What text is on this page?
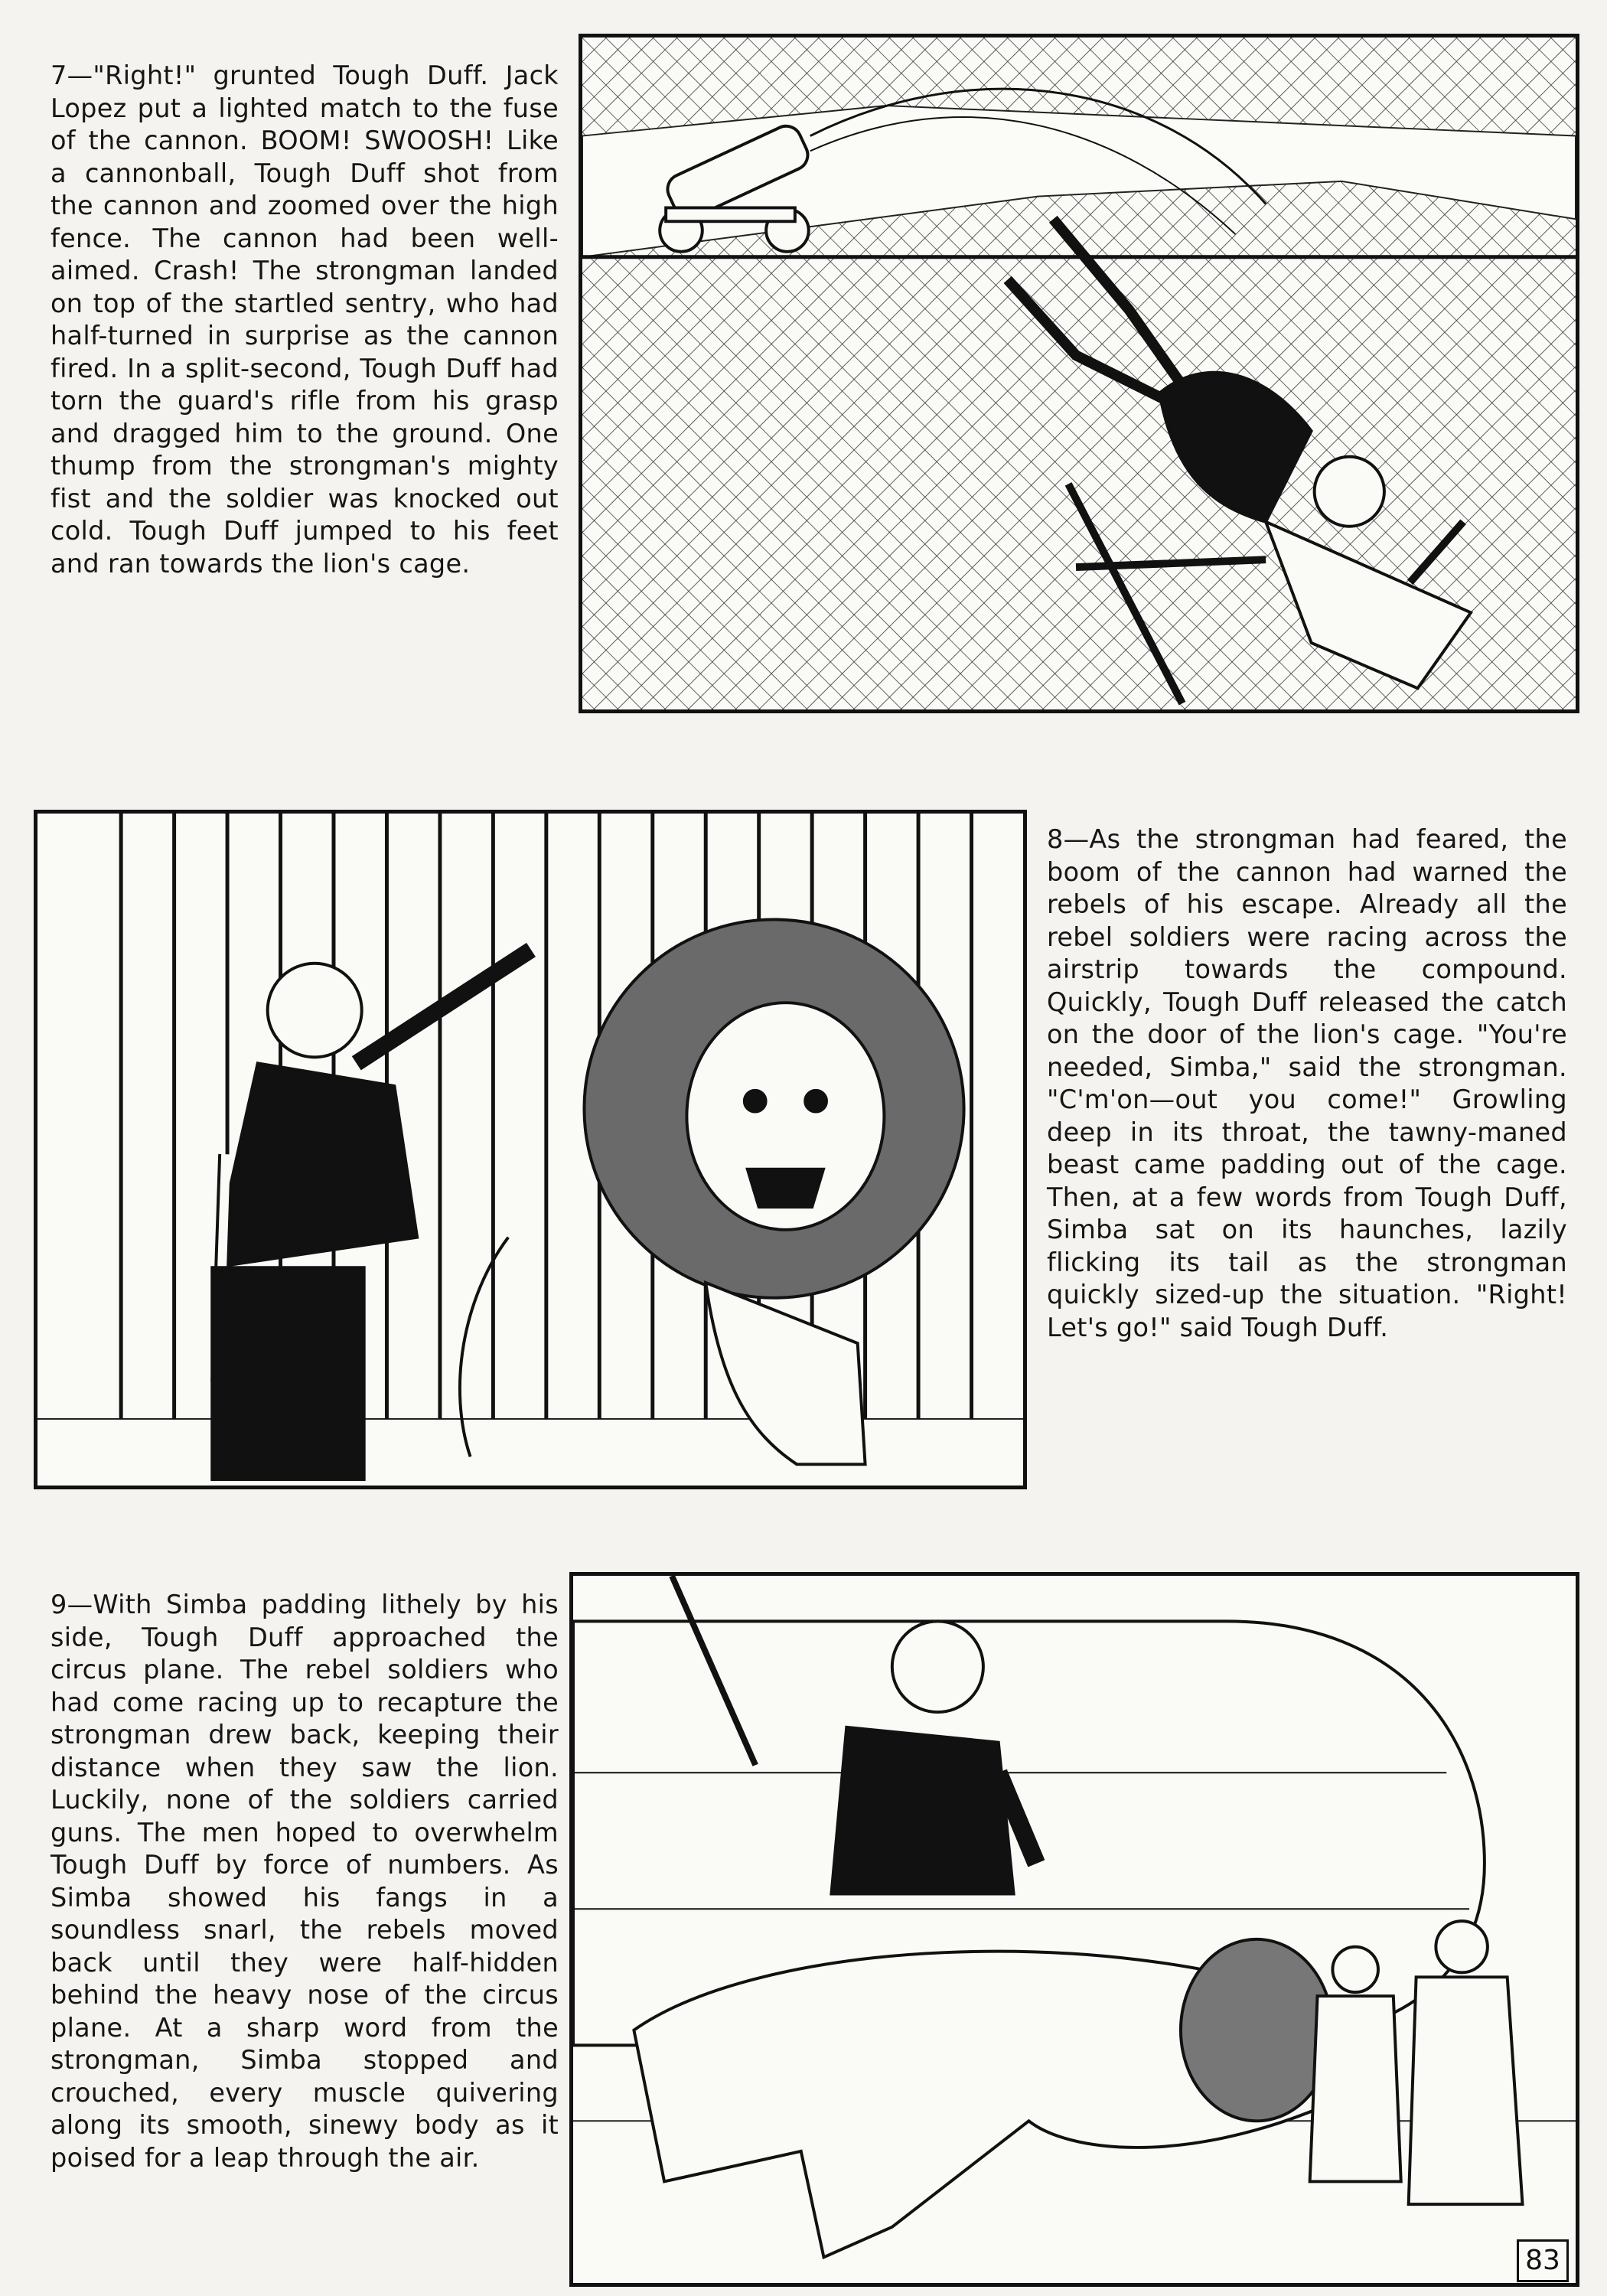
7—"Right!" grunted Tough Duff. Jack Lopez put a lighted match to the fuse of the cannon. BOOM! SWOOSH! Like a cannonball, Tough Duff shot from the cannon and zoomed over the high fence. The cannon had been well-aimed. Crash! The strongman landed on top of the startled sentry, who had half-turned in surprise as the cannon fired. In a split-second, Tough Duff had torn the guard's rifle from his grasp and dragged him to the ground. One thump from the strongman's mighty fist and the soldier was knocked out cold. Tough Duff jumped to his feet and ran towards the lion's cage.
8—As the strongman had feared, the boom of the cannon had warned the rebels of his escape. Already all the rebel soldiers were racing across the airstrip towards the compound. Quickly, Tough Duff released the catch on the door of the lion's cage. "You're needed, Simba," said the strongman. "C'm'on—out you come!" Growling deep in its throat, the tawny-maned beast came padding out of the cage. Then, at a few words from Tough Duff, Simba sat on its haunches, lazily flicking its tail as the strongman quickly sized-up the situation. "Right! Let's go!" said Tough Duff.
9—With Simba padding lithely by his side, Tough Duff approached the circus plane. The rebel soldiers who had come racing up to recapture the strongman drew back, keeping their distance when they saw the lion. Luckily, none of the soldiers carried guns. The men hoped to overwhelm Tough Duff by force of numbers. As Simba showed his fangs in a soundless snarl, the rebels moved back until they were half-hidden behind the heavy nose of the circus plane. At a sharp word from the strongman, Simba stopped and crouched, every muscle quivering along its smooth, sinewy body as it poised for a leap through the air.
83
